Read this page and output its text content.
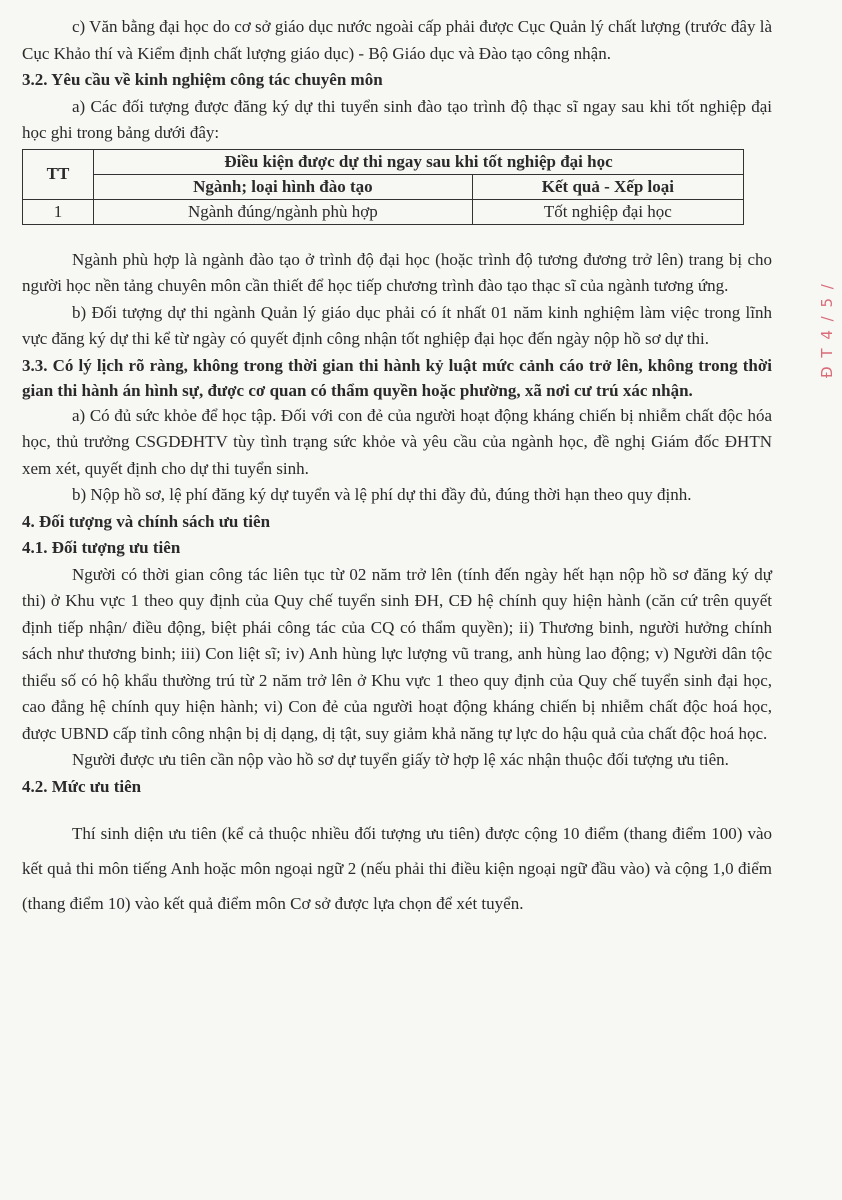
c) Văn bằng đại học do cơ sở giáo dục nước ngoài cấp phải được Cục Quản lý chất lượng (trước đây là Cục Khảo thí và Kiểm định chất lượng giáo dục) - Bộ Giáo dục và Đào tạo công nhận.

3.2. Yêu cầu về kinh nghiệm công tác chuyên môn

a) Các đối tượng được đăng ký dự thi tuyển sinh đào tạo trình độ thạc sĩ ngay sau khi tốt nghiệp đại học ghi trong bảng dưới đây:

TT	Điều kiện được dự thi ngay sau khi tốt nghiệp đại học	
	Ngành; loại hình đào tạo	Kết quả - Xếp loại
1	Ngành đúng/ngành phù hợp	Tốt nghiệp đại học

Ngành phù hợp là ngành đào tạo ở trình độ đại học (hoặc trình độ tương đương trở lên) trang bị cho người học nền tảng chuyên môn cần thiết để học tiếp chương trình đào tạo thạc sĩ của ngành tương ứng.

b) Đối tượng dự thi ngành Quản lý giáo dục phải có ít nhất 01 năm kinh nghiệm làm việc trong lĩnh vực đăng ký dự thi kể từ ngày có quyết định công nhận tốt nghiệp đại học đến ngày nộp hồ sơ dự thi.

3.3. Có lý lịch rõ ràng, không trong thời gian thi hành kỷ luật mức cảnh cáo trở lên, không trong thời gian thi hành án hình sự, được cơ quan có thẩm quyền hoặc phường, xã nơi cư trú xác nhận.

a) Có đủ sức khỏe để học tập. Đối với con đẻ của người hoạt động kháng chiến bị nhiễm chất độc hóa học, thủ trưởng CSGDĐHTV tùy tình trạng sức khỏe và yêu cầu của ngành học, đề nghị Giám đốc ĐHTN xem xét, quyết định cho dự thi tuyển sinh.

b) Nộp hồ sơ, lệ phí đăng ký dự tuyển và lệ phí dự thi đầy đủ, đúng thời hạn theo quy định.

4. Đối tượng và chính sách ưu tiên

4.1. Đối tượng ưu tiên

Người có thời gian công tác liên tục từ 02 năm trở lên (tính đến ngày hết hạn nộp hồ sơ đăng ký dự thi) ở Khu vực 1 theo quy định của Quy chế tuyển sinh ĐH, CĐ hệ chính quy hiện hành (căn cứ trên quyết định tiếp nhận/ điều động, biệt phái công tác của CQ có thẩm quyền); ii) Thương binh, người hưởng chính sách như thương binh; iii) Con liệt sĩ; iv) Anh hùng lực lượng vũ trang, anh hùng lao động; v) Người dân tộc thiểu số có hộ khẩu thường trú từ 2 năm trở lên ở Khu vực 1 theo quy định của Quy chế tuyển sinh đại học, cao đẳng hệ chính quy hiện hành; vi) Con đẻ của người hoạt động kháng chiến bị nhiễm chất độc hoá học, được UBND cấp tỉnh công nhận bị dị dạng, dị tật, suy giảm khả năng tự lực do hậu quả của chất độc hoá học.

Người được ưu tiên cần nộp vào hồ sơ dự tuyển giấy tờ hợp lệ xác nhận thuộc đối tượng ưu tiên.

4.2. Mức ưu tiên

Thí sinh diện ưu tiên (kể cả thuộc nhiều đối tượng ưu tiên) được cộng 10 điểm (thang điểm 100) vào kết quả thi môn tiếng Anh hoặc môn ngoại ngữ 2 (nếu phải thi điều kiện ngoại ngữ đầu vào) và cộng 1,0 điểm (thang điểm 10) vào kết quả điểm môn Cơ sở được lựa chọn để xét tuyển.

Đ T 4 / 5 /
